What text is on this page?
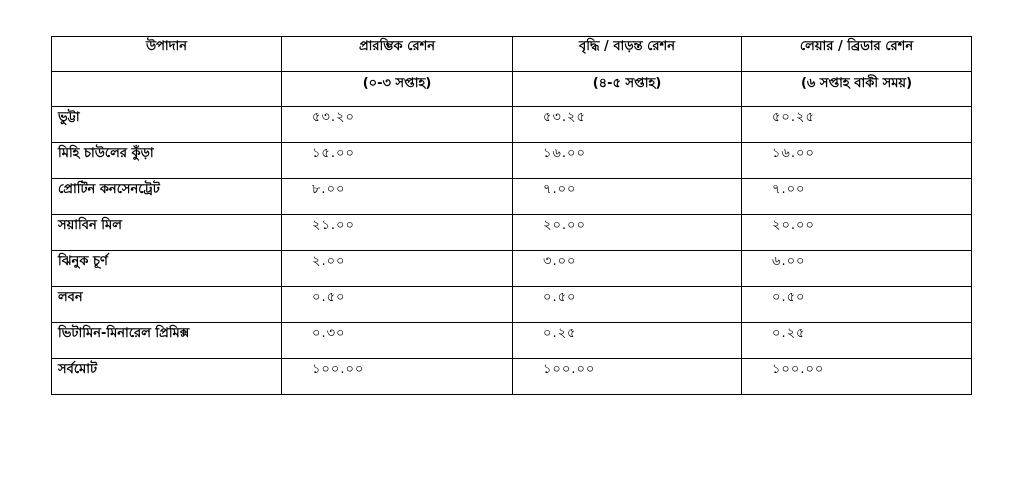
উপাদান	প্রারম্ভিক রেশন	বৃদ্ধি / বাড়ন্ত রেশন	লেয়ার / ব্রিডার রেশন
	(০-৩ সপ্তাহ)	(৪-৫ সপ্তাহ)	(৬ সপ্তাহ বাকী সময়)
ভুট্টা	৫৩.২০	৫৩.২৫	৫০.২৫
মিহি চাউলের কুঁড়া	১৫.০০	১৬.০০	১৬.০০
প্রোটিন কনসেনট্রেট	৮.০০	৭.০০	৭.০০
সয়াবিন মিল	২১.০০	২০.০০	২০.০০
ঝিনুক চূর্ণ	২.০০	৩.০০	৬.০০
লবন	০.৫০	০.৫০	০.৫০
ভিটামিন-মিনারেল প্রিমিক্স	০.৩০	০.২৫	০.২৫
সর্বমোট	১০০.০০	১০০.০০	১০০.০০
